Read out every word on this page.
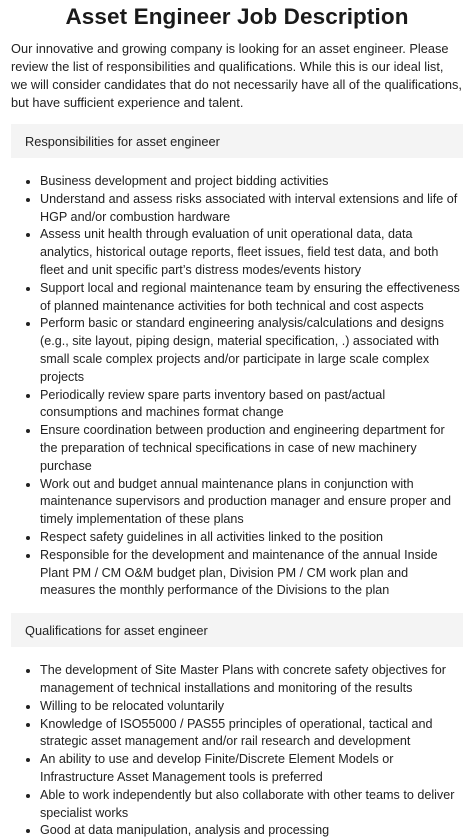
Asset Engineer Job Description

Our innovative and growing company is looking for an asset engineer. Please review the list of responsibilities and qualifications. While this is our ideal list, we will consider candidates that do not necessarily have all of the qualifications, but have sufficient experience and talent.

Responsibilities for asset engineer
Business development and project bidding activities
Understand and assess risks associated with interval extensions and life of HGP and/or combustion hardware
Assess unit health through evaluation of unit operational data, data analytics, historical outage reports, fleet issues, field test data, and both fleet and unit specific part’s distress modes/events history
Support local and regional maintenance team by ensuring the effectiveness of planned maintenance activities for both technical and cost aspects
Perform basic or standard engineering analysis/calculations and designs (e.g., site layout, piping design, material specification, .) associated with small scale complex projects and/or participate in large scale complex projects
Periodically review spare parts inventory based on past/actual consumptions and machines format change
Ensure coordination between production and engineering department for the preparation of technical specifications in case of new machinery purchase
Work out and budget annual maintenance plans in conjunction with maintenance supervisors and production manager and ensure proper and timely implementation of these plans
Respect safety guidelines in all activities linked to the position
Responsible for the development and maintenance of the annual Inside Plant PM / CM O&M budget plan, Division PM / CM work plan and measures the monthly performance of the Divisions to the plan
Qualifications for asset engineer
The development of Site Master Plans with concrete safety objectives for management of technical installations and monitoring of the results
Willing to be relocated voluntarily
Knowledge of ISO55000 / PAS55 principles of operational, tactical and strategic asset management and/or rail research and development
An ability to use and develop Finite/Discrete Element Models or Infrastructure Asset Management tools is preferred
Able to work independently but also collaborate with other teams to deliver specialist works
Good at data manipulation, analysis and processing
